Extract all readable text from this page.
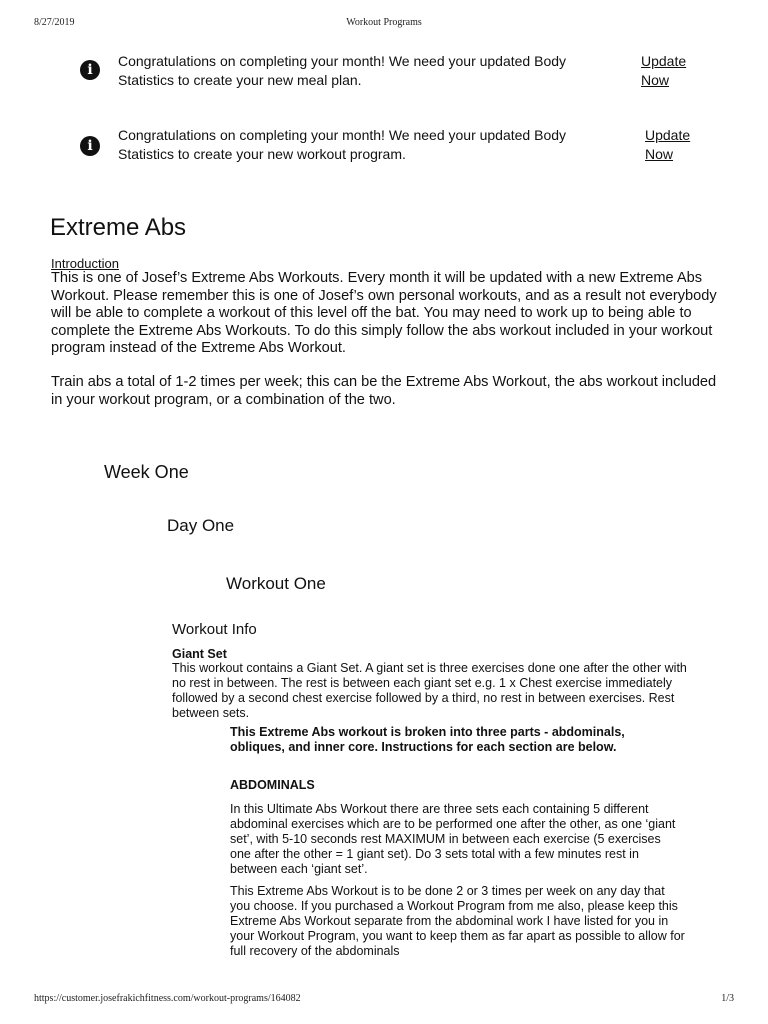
8/27/2019	Workout Programs
i
Congratulations on completing your month! We need your updated Body Statistics to create your new meal plan.
Update
Now
i
Congratulations on completing your month! We need your updated Body Statistics to create your new workout program.
Update
Now
Extreme Abs
Introduction
This is one of Josef’s Extreme Abs Workouts. Every month it will be updated with a new Extreme Abs Workout. Please remember this is one of Josef’s own personal workouts, and as a result not everybody will be able to complete a workout of this level off the bat. You may need to work up to being able to complete the Extreme Abs Workouts. To do this simply follow the abs workout included in your workout program instead of the Extreme Abs Workout.
Train abs a total of 1-2 times per week; this can be the Extreme Abs Workout, the abs workout included in your workout program, or a combination of the two.
Week One
Day One
Workout One
Workout Info
Giant Set
This workout contains a Giant Set. A giant set is three exercises done one after the other with no rest in between. The rest is between each giant set e.g. 1 x Chest exercise immediately followed by a second chest exercise followed by a third, no rest in between exercises. Rest between sets.
This Extreme Abs workout is broken into three parts - abdominals, obliques, and inner core. Instructions for each section are below.
ABDOMINALS
In this Ultimate Abs Workout there are three sets each containing 5 different abdominal exercises which are to be performed one after the other, as one ‘giant set’, with 5-10 seconds rest MAXIMUM in between each exercise (5 exercises one after the other = 1 giant set). Do 3 sets total with a few minutes rest in between each ‘giant set’.
This Extreme Abs Workout is to be done 2 or 3 times per week on any day that you choose. If you purchased a Workout Program from me also, please keep this Extreme Abs Workout separate from the abdominal work I have listed for you in your Workout Program, you want to keep them as far apart as possible to allow for full recovery of the abdominals
https://customer.josefrakichfitness.com/workout-programs/164082	1/3
